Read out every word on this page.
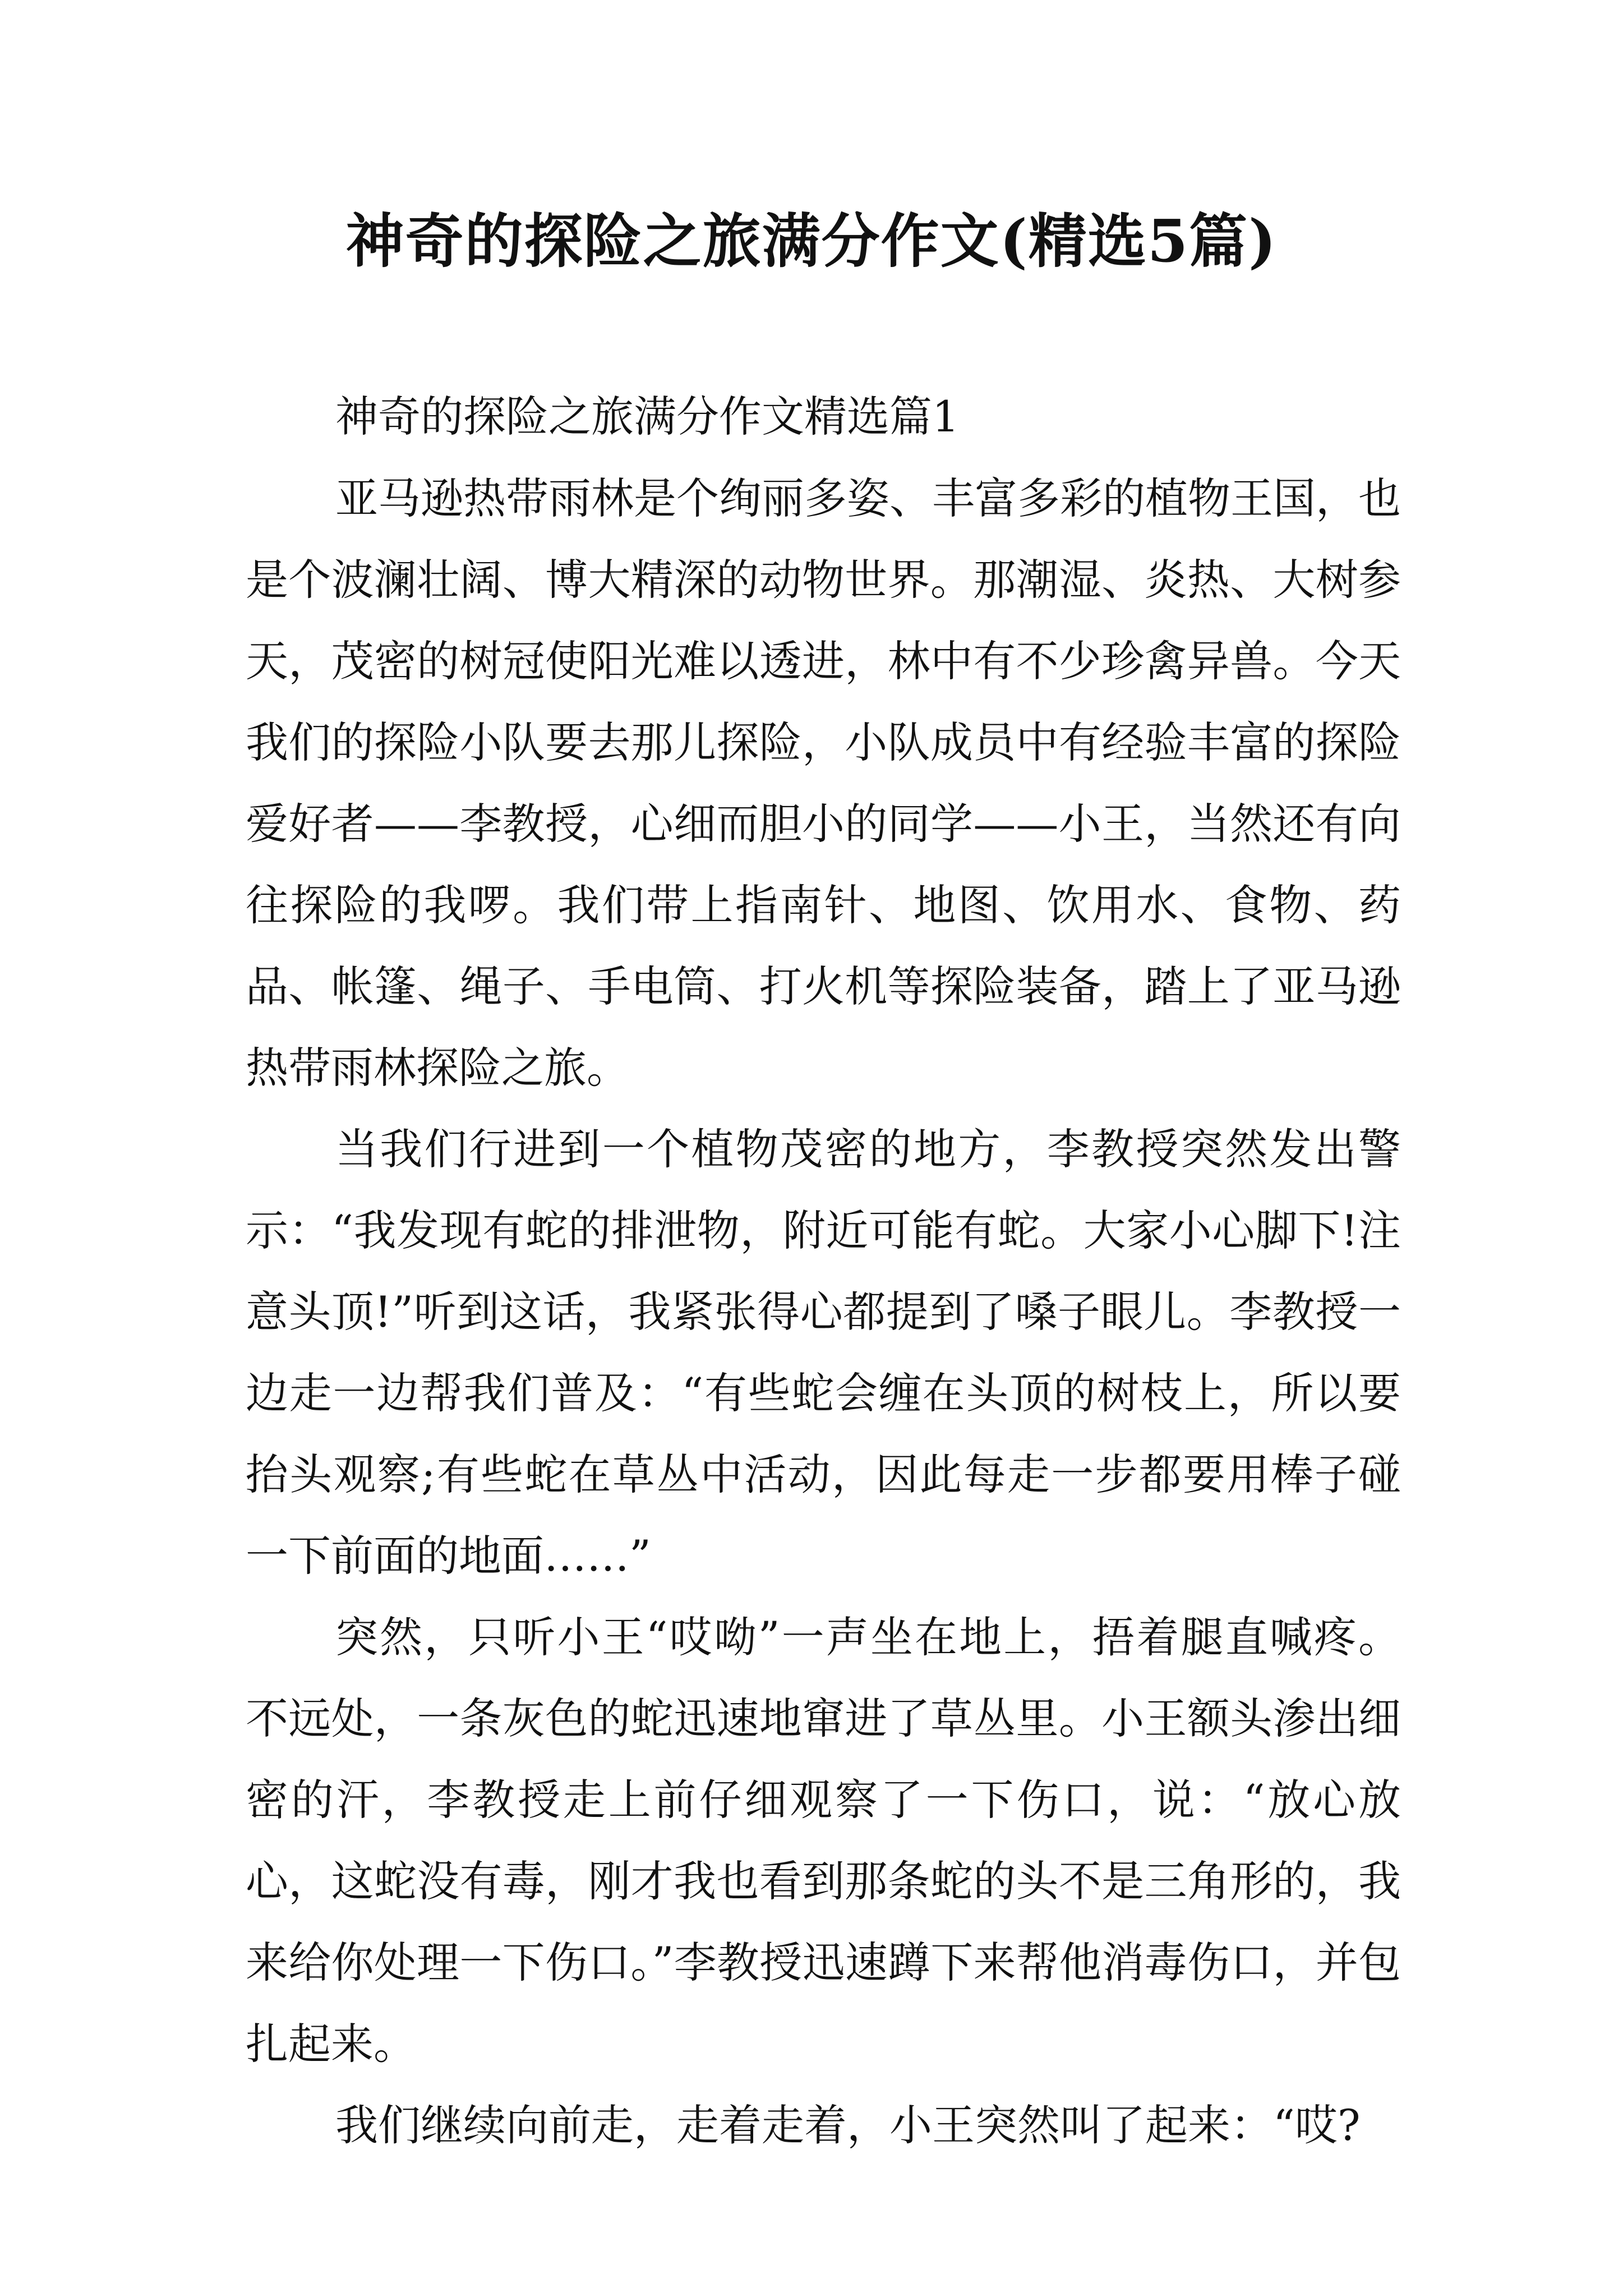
神奇的探险之旅满分作文(精选5篇)

神奇的探险之旅满分作文精选篇1

亚马逊热带雨林是个绚丽多姿、丰富多彩的植物王国，也是个波澜壮阔、博大精深的动物世界。那潮湿、炎热、大树参天，茂密的树冠使阳光难以透进，林中有不少珍禽异兽。今天我们的探险小队要去那儿探险，小队成员中有经验丰富的探险爱好者——李教授，心细而胆小的同学——小王，当然还有向往探险的我啰。我们带上指南针、地图、饮用水、食物、药品、帐篷、绳子、手电筒、打火机等探险装备，踏上了亚马逊热带雨林探险之旅。

当我们行进到一个植物茂密的地方，李教授突然发出警示：“我发现有蛇的排泄物，附近可能有蛇。大家小心脚下!注意头顶!”听到这话，我紧张得心都提到了嗓子眼儿。李教授一边走一边帮我们普及：“有些蛇会缠在头顶的树枝上，所以要抬头观察;有些蛇在草丛中活动，因此每走一步都要用棒子碰一下前面的地面……”

突然，只听小王“哎呦”一声坐在地上，捂着腿直喊疼。不远处，一条灰色的蛇迅速地窜进了草丛里。小王额头渗出细密的汗，李教授走上前仔细观察了一下伤口，说：“放心放心，这蛇没有毒，刚才我也看到那条蛇的头不是三角形的，我来给你处理一下伤口。”李教授迅速蹲下来帮他消毒伤口，并包扎起来。

我们继续向前走，走着走着，小王突然叫了起来：“哎?
